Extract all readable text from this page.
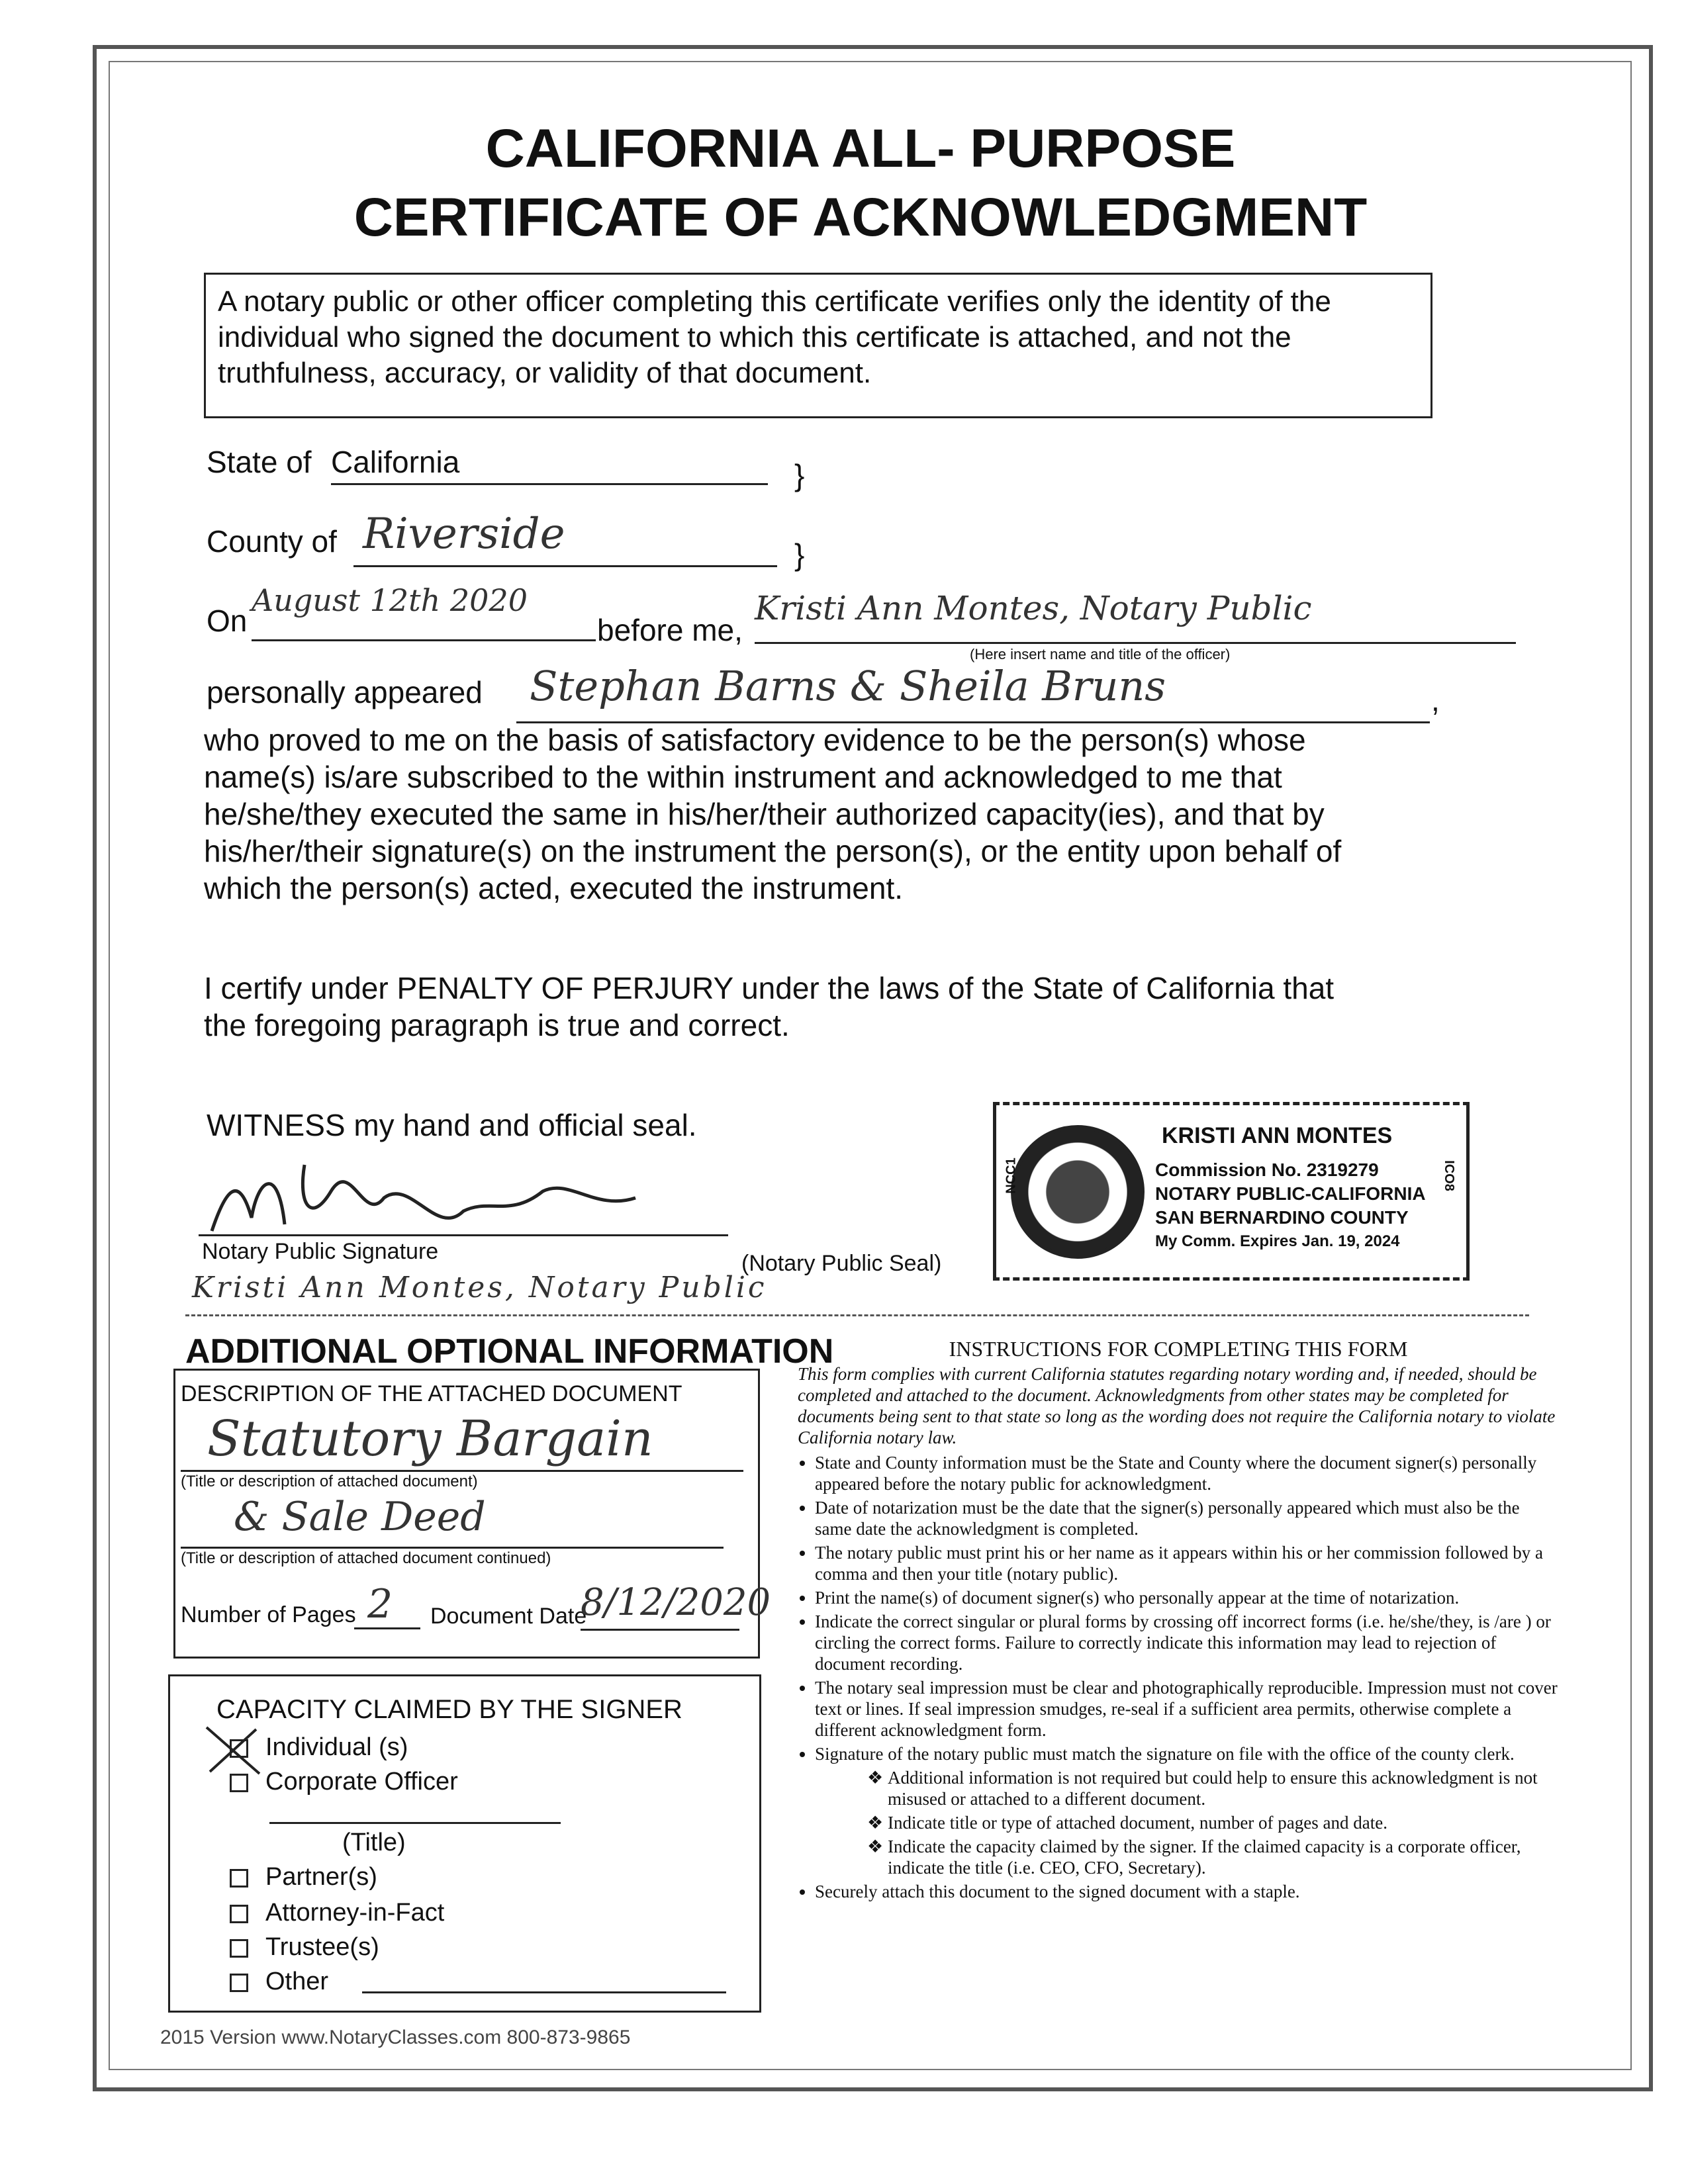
CALIFORNIA ALL- PURPOSE
CERTIFICATE OF ACKNOWLEDGMENT
A notary public or other officer completing this certificate verifies only the identity of the individual who signed the document to which this certificate is attached, and not the truthfulness, accuracy, or validity of that document.
State of California	}
County of Riverside	}
On
August 12th 2020
before me,
Kristi Ann Montes, Notary Public
(Here insert name and title of the officer)
personally appeared	Stephan Barns & Sheila Bruns	,
who proved to me on the basis of satisfactory evidence to be the person(s) whose
name(s) is/are subscribed to the within instrument and acknowledged to me that
he/she/they executed the same in his/her/their authorized capacity(ies), and that by
his/her/their signature(s) on the instrument the person(s), or the entity upon behalf of
which the person(s) acted, executed the instrument.
I certify under PENALTY OF PERJURY under the laws of the State of California that
the foregoing paragraph is true and correct.
WITNESS my hand and official seal.
Notary Public Signature	(Notary Public Seal)
Kristi Ann Montes, Notary Public
KRISTI ANN MONTES
Commission No. 2319279
NOTARY PUBLIC-CALIFORNIA
SAN BERNARDINO COUNTY
My Comm. Expires Jan. 19, 2024
NCC1	ICO8
ADDITIONAL OPTIONAL INFORMATION
DESCRIPTION OF THE ATTACHED DOCUMENT
Statutory Bargain
(Title or description of attached document)
& Sale Deed
(Title or description of attached document continued)
Number of Pages 2	Document Date
8/12/2020
CAPACITY CLAIMED BY THE SIGNER
Individual (s)
Corporate Officer
(Title)
Partner(s)
Attorney-in-Fact
Trustee(s)
Other
INSTRUCTIONS FOR COMPLETING THIS FORM
This form complies with current California statutes regarding notary wording and, if needed, should be completed and attached to the document. Acknowledgments from other states may be completed for documents being sent to that state so long as the wording does not require the California notary to violate California notary law.
• State and County information must be the State and County where the document signer(s) personally appeared before the notary public for acknowledgment.
• Date of notarization must be the date that the signer(s) personally appeared which must also be the same date the acknowledgment is completed.
• The notary public must print his or her name as it appears within his or her commission followed by a comma and then your title (notary public).
• Print the name(s) of document signer(s) who personally appear at the time of notarization.
• Indicate the correct singular or plural forms by crossing off incorrect forms (i.e. he/she/they, is /are ) or circling the correct forms. Failure to correctly indicate this information may lead to rejection of document recording.
• The notary seal impression must be clear and photographically reproducible. Impression must not cover text or lines. If seal impression smudges, re-seal if a sufficient area permits, otherwise complete a different acknowledgment form.
• Signature of the notary public must match the signature on file with the office of the county clerk.
❖ Additional information is not required but could help to ensure this acknowledgment is not misused or attached to a different document.
❖ Indicate title or type of attached document, number of pages and date.
❖ Indicate the capacity claimed by the signer. If the claimed capacity is a corporate officer, indicate the title (i.e. CEO, CFO, Secretary).
• Securely attach this document to the signed document with a staple.
2015 Version www.NotaryClasses.com 800-873-9865
